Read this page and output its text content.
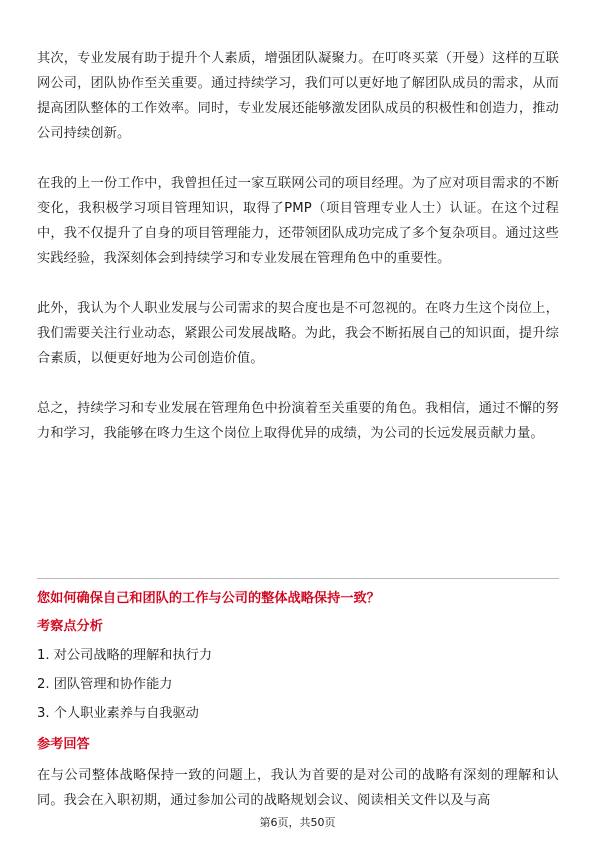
其次，专业发展有助于提升个人素质，增强团队凝聚力。在叮咚买菜（开曼）这样的互联网公司，团队协作至关重要。通过持续学习，我们可以更好地了解团队成员的需求，从而提高团队整体的工作效率。同时，专业发展还能够激发团队成员的积极性和创造力，推动公司持续创新。

在我的上一份工作中，我曾担任过一家互联网公司的项目经理。为了应对项目需求的不断变化，我积极学习项目管理知识，取得了PMP（项目管理专业人士）认证。在这个过程中，我不仅提升了自身的项目管理能力，还带领团队成功完成了多个复杂项目。通过这些实践经验，我深刻体会到持续学习和专业发展在管理角色中的重要性。

此外，我认为个人职业发展与公司需求的契合度也是不可忽视的。在咚力生这个岗位上，我们需要关注行业动态，紧跟公司发展战略。为此，我会不断拓展自己的知识面，提升综合素质，以便更好地为公司创造价值。

总之，持续学习和专业发展在管理角色中扮演着至关重要的角色。我相信，通过不懈的努力和学习，我能够在咚力生这个岗位上取得优异的成绩，为公司的长远发展贡献力量。

您如何确保自己和团队的工作与公司的整体战略保持一致？
考察点分析
1. 对公司战略的理解和执行力
2. 团队管理和协作能力
3. 个人职业素养与自我驱动
参考回答

在与公司整体战略保持一致的问题上，我认为首要的是对公司的战略有深刻的理解和认同。我会在入职初期，通过参加公司的战略规划会议、阅读相关文件以及与高

第6页，共50页
